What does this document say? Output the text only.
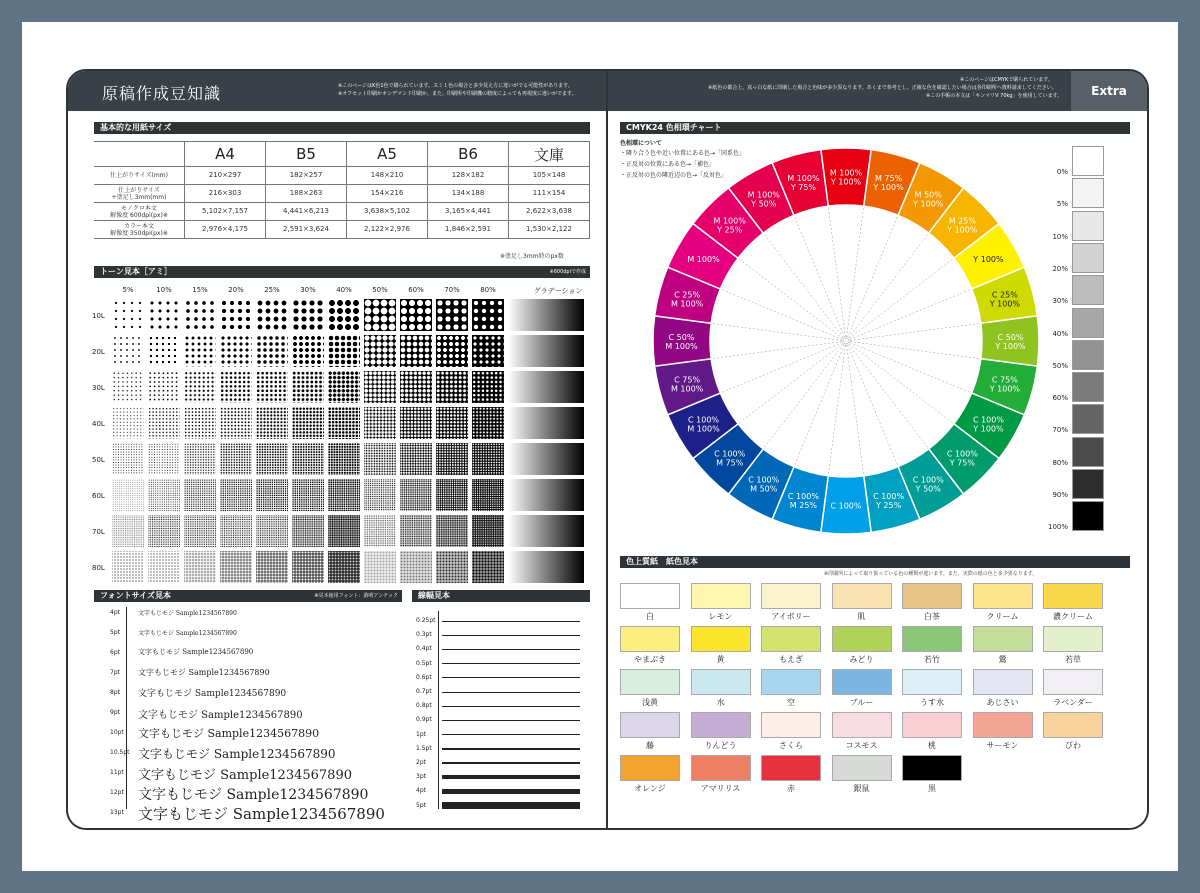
原稿作成豆知識	※このページはK色1色で刷られています。スミ１色の場合と多少見え方に違いがでる可能性があります。
※オフセット印刷かオンデマンド印刷か、また、印刷所や印刷機の精度によっても再現度に違いがでます。
※このページはCMYKで刷られています。
※紙色の都合上、真っ白な紙に印刷した場合と色味が多少異なります。あくまで参考とし、正確な色を確認したい場合は各印刷所へ資料請求してください。
※この手帳の本文は「キンマリV 70kg」を使用しています。	Extra
基本的な用紙サイズ
	A4	B5	A5	B6	文庫

仕上がりサイズ(mm)	210×297	182×257	148×210	128×182	105×148

仕上がりサイズ
+塗足し3mm(mm)	216×303	188×263	154×216	134×188	111×154

モノクロ本文
解像度 600dpi(px)※	5,102×7,157	4,441×6,213	3,638×5,102	3,165×4,441	2,622×3,638

カラー本文
解像度 350dpi(px)※	2,976×4,175	2,591×3,624	2,122×2,976	1,846×2,591	1,530×2,122
※塗足し3mm時のpx数
トーン見本［アミ］	※600dpiで作成
5%	10%	15%	20%	25%	30%	40%	50%	60%	70%	80%	グラデーション
10L
20L
30L
40L
50L
60L
70L
80L
フォントサイズ見本	※見本使用フォント：游明アンチック
4pt	文字もじモジ Sample1234567890
5pt	文字もじモジ Sample1234567890
6pt	文字もじモジ Sample1234567890
7pt 文字もじモジ Sample1234567890
8pt 文字もじモジ Sample1234567890
9pt 文字もじモジ Sample1234567890
10pt 文字もじモジ Sample1234567890
10.5pt 文字もじモジ Sample1234567890
11pt 文字もじモジ Sample1234567890
12pt 文字もじモジ Sample1234567890
13pt 文字もじモジ Sample1234567890
線幅見本
0.25pt
0.3pt
0.4pt
0.5pt
0.6pt
0.7pt
0.8pt
0.9pt
1pt
1.5pt
2pt
3pt
4pt
5pt
CMYK24 色相環チャート
色相環について
・隣り合う色や近い位置にある色→「同系色」
・正反対の位置にある色→「補色」
・正反対の色の隣近辺の色→「反対色」	M 100% Y 100%	M 75% Y 100%
M 50% Y 100%
M 25% Y 100%
Y 100%
C 25% Y 100%
C 50% Y 100%
C 75% Y 100%
C 100% Y 100%
C 100% Y 75%
C 100% Y 50%
C 100% Y 25%
C 100%
C 100% M 25%
C 100% M 50%
C 100% M 75%
C 100% M 100%
C 75% M 100%
C 50% M 100%
C 25% M 100%
M 100%
M 100% Y 25%
M 100% Y 50%
M 100% Y 75%
0%
5%
10%
20%
30%
40%
50%
60%
70%
80%
90%
100%
色上質紙　紙色見本
※印刷所によって取り扱っている色の種類が違います。また、実際の紙の色と多少異なります。
白	レモン	アイボリー	肌	白茶	クリーム	濃クリーム
やまぶき	黄	もえぎ	みどり	若竹	鶯	若草
浅黄	水	空	ブルー	うす水	あじさい	ラベンダー
藤	りんどう	さくら	コスモス	桃	サーモン	びわ
オレンジ	アマリリス	赤	銀鼠	黒
